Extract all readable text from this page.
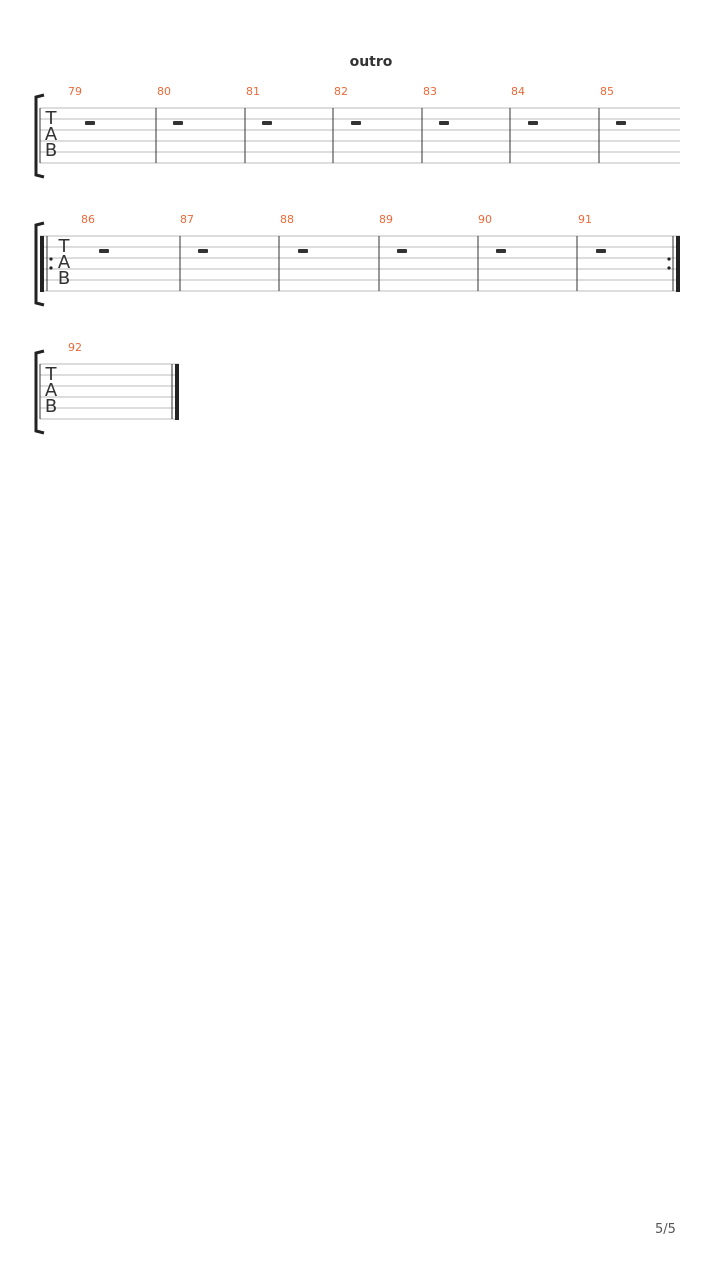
outro
T
A
B
79	80	81	82	83	84	85
T
A
B
86	87	88	89	90	91
T
A
B
92
5/5
